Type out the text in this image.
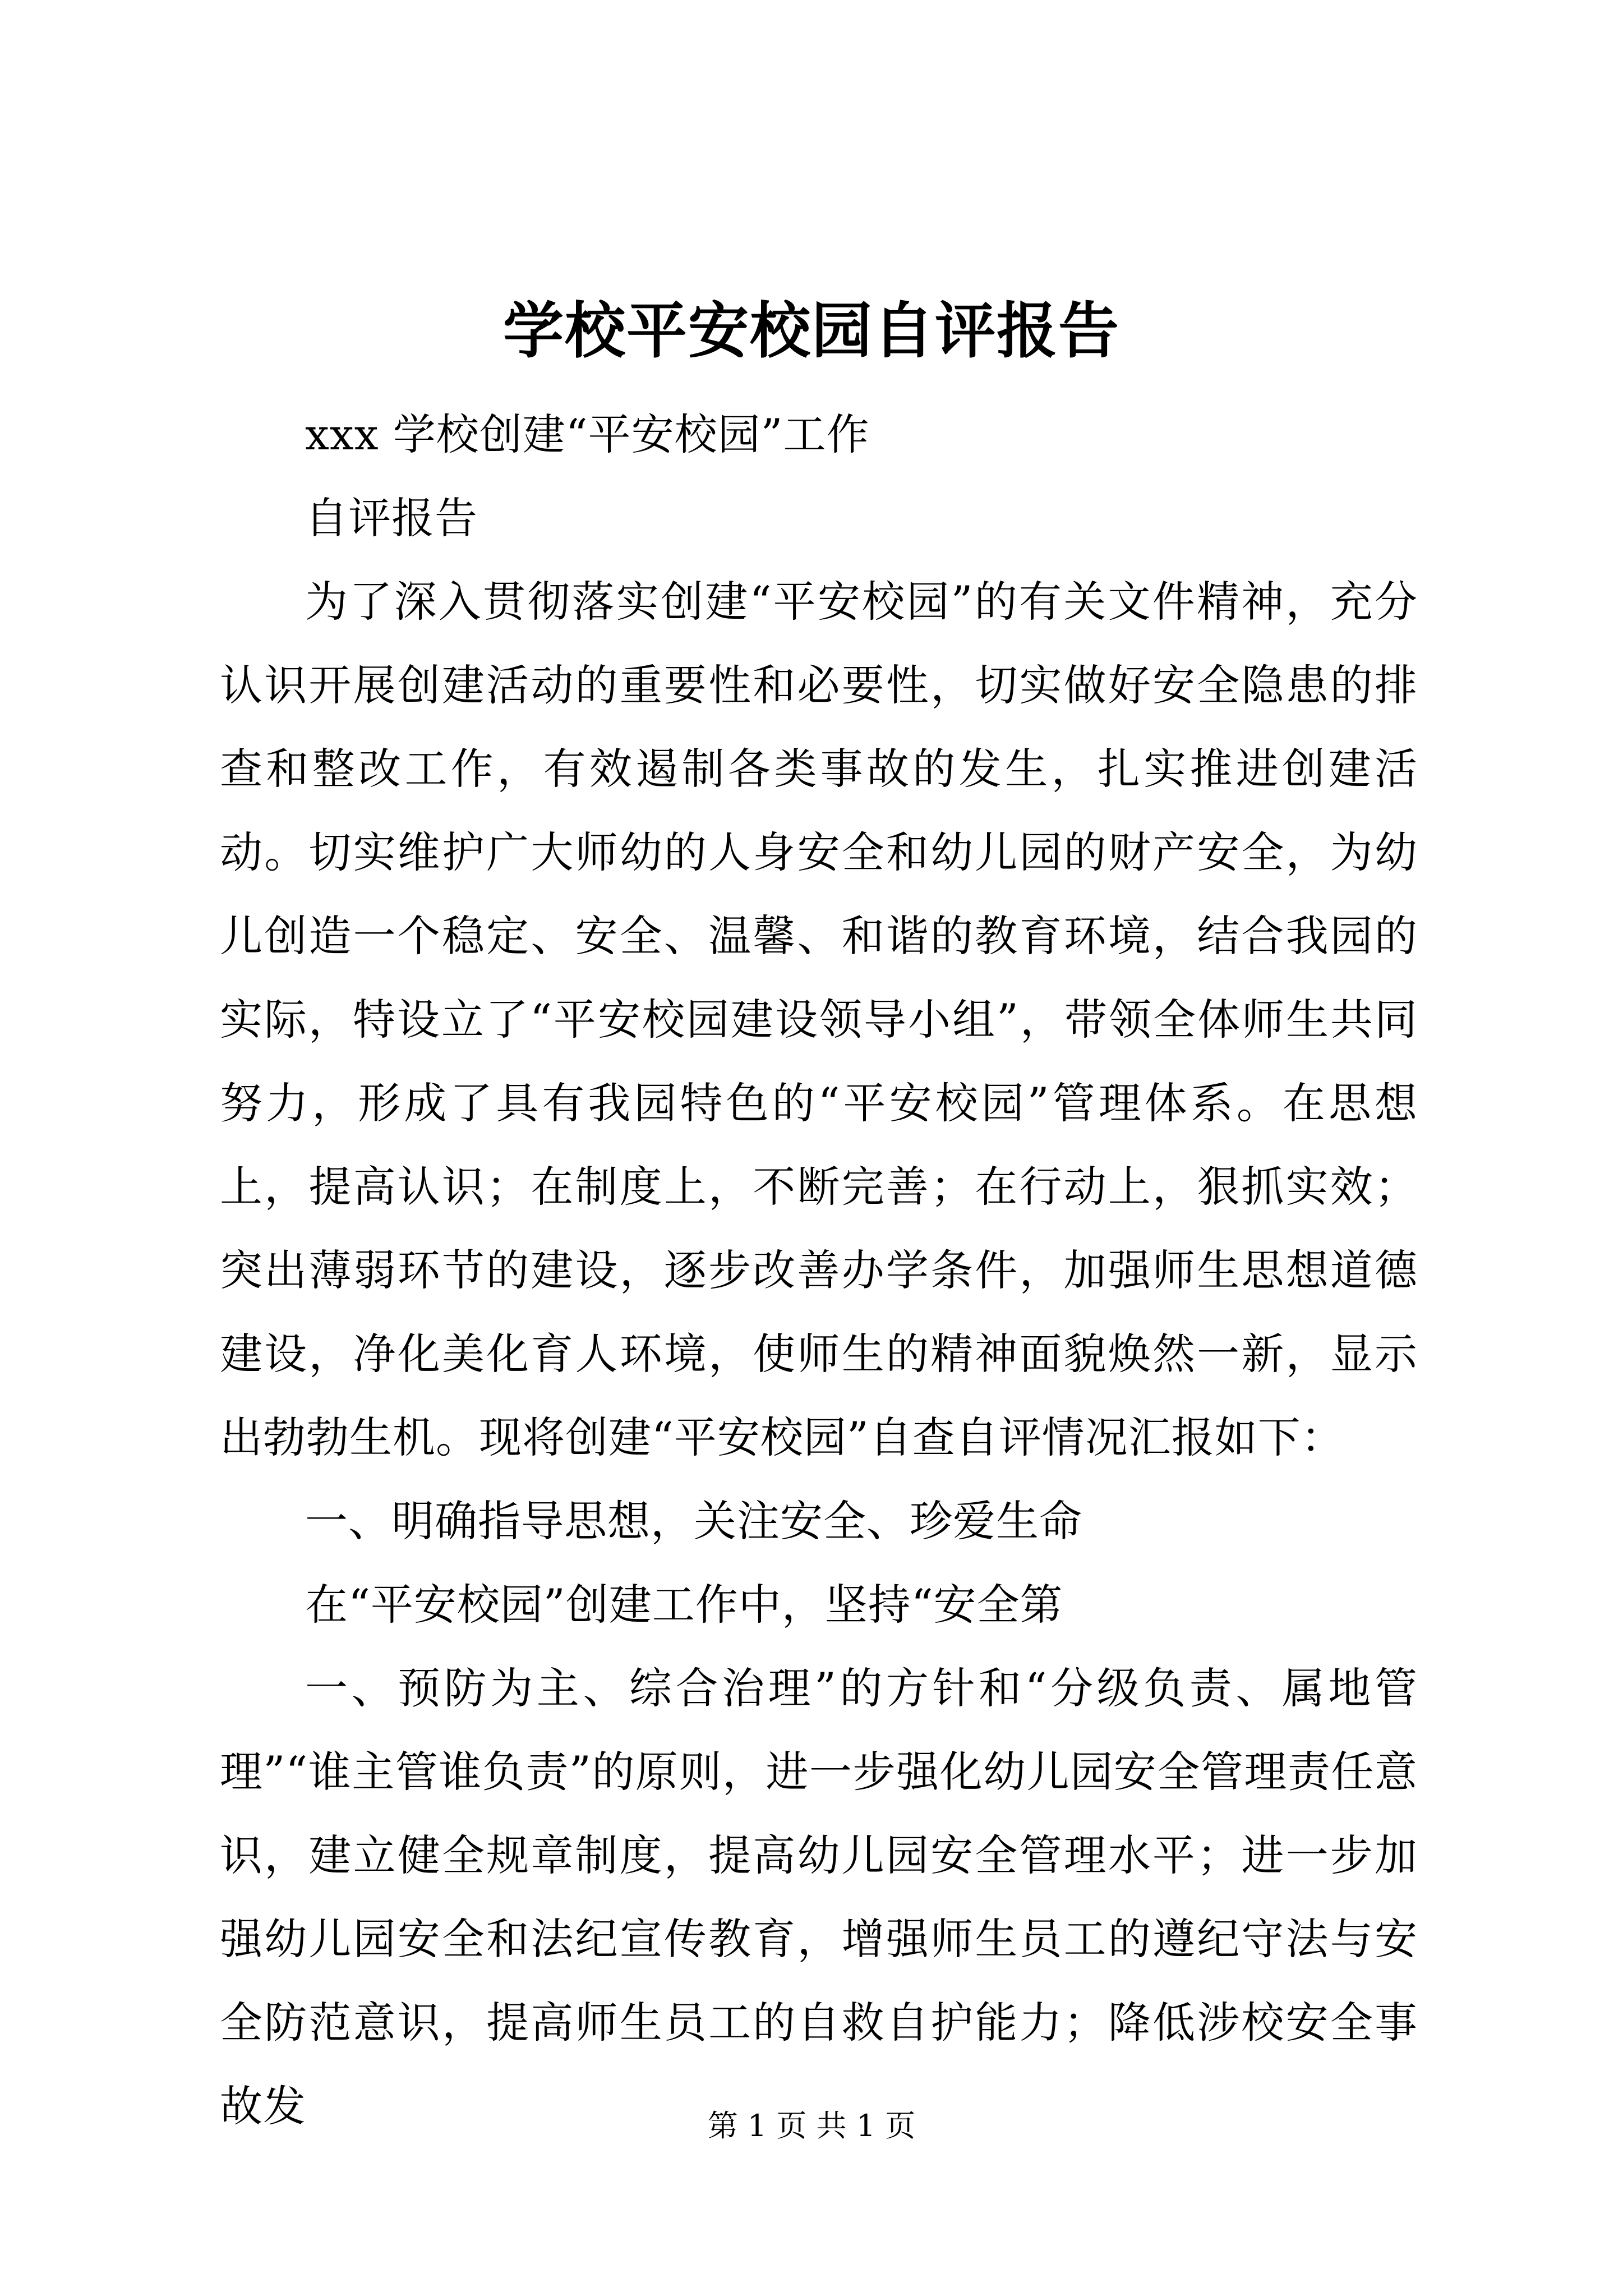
学校平安校园自评报告

xxx 学校创建“平安校园”工作

自评报告

为了深入贯彻落实创建“平安校园”的有关文件精神，充分认识开展创建活动的重要性和必要性，切实做好安全隐患的排查和整改工作，有效遏制各类事故的发生，扎实推进创建活动。切实维护广大师幼的人身安全和幼儿园的财产安全，为幼儿创造一个稳定、安全、温馨、和谐的教育环境，结合我园的实际，特设立了“平安校园建设领导小组”，带领全体师生共同努力，形成了具有我园特色的“平安校园”管理体系。在思想上，提高认识；在制度上，不断完善；在行动上，狠抓实效；突出薄弱环节的建设，逐步改善办学条件，加强师生思想道德建设，净化美化育人环境，使师生的精神面貌焕然一新，显示出勃勃生机。现将创建“平安校园”自查自评情况汇报如下：

一、明确指导思想，关注安全、珍爱生命

在“平安校园”创建工作中，坚持“安全第

一、预防为主、综合治理”的方针和“分级负责、属地管理”“谁主管谁负责”的原则，进一步强化幼儿园安全管理责任意识，建立健全规章制度，提高幼儿园安全管理水平；进一步加强幼儿园安全和法纪宣传教育，增强师生员工的遵纪守法与安全防范意识，提高师生员工的自救自护能力；降低涉校安全事故发	第 1 页 共 1 页
